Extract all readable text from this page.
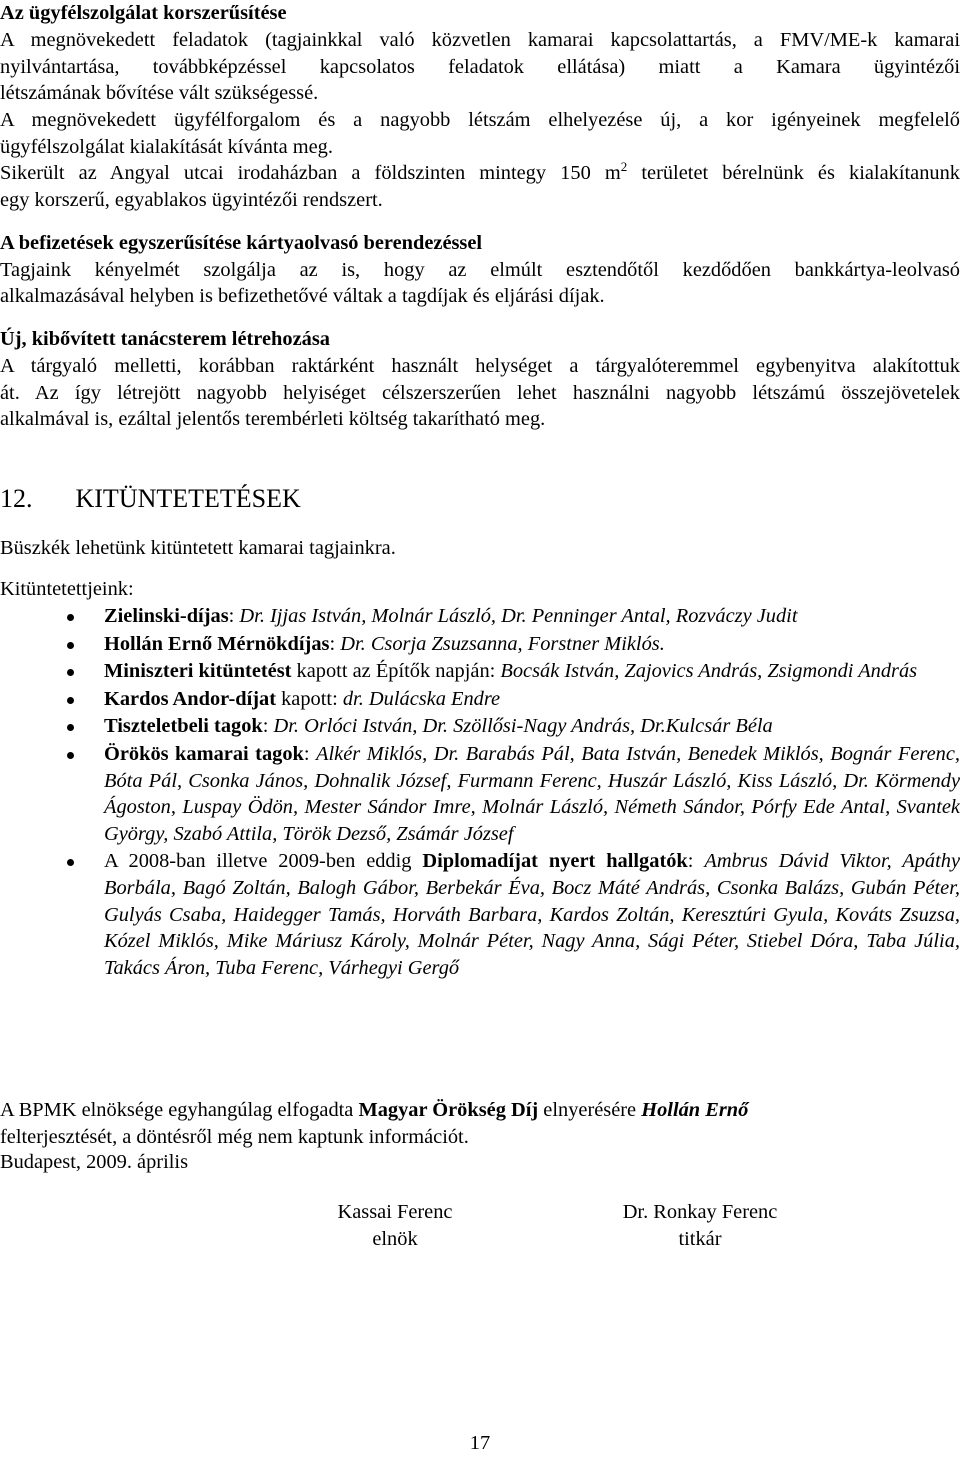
Az ügyfélszolgálat korszerűsítése
A megnövekedett feladatok (tagjainkkal való közvetlen kamarai kapcsolattartás, a FMV/ME-k kamarai
nyilvántartása, továbbképzéssel kapcsolatos feladatok ellátása) miatt a Kamara ügyintézői
létszámának bővítése vált szükségessé.
A megnövekedett ügyfélforgalom és a nagyobb létszám elhelyezése új, a kor igényeinek megfelelő
ügyfélszolgálat kialakítását kívánta meg.
Sikerült az Angyal utcai irodaházban a földszinten mintegy 150 $m^2$ területet bérelnünk és kialakítanunk
egy korszerű, egyablakos ügyintézői rendszert.
A befizetések egyszerűsítése kártyaolvasó berendezéssel
Tagjaink kényelmét szolgálja az is, hogy az elmúlt esztendőtől kezdődően bankkártya-leolvasó
alkalmazásával helyben is befizethetővé váltak a tagdíjak és eljárási díjak.
Új, kibővített tanácsterem létrehozása
A tárgyaló melletti, korábban raktárként használt helységet a tárgyalóteremmel egybenyitva alakítottuk
át. Az így létrejött nagyobb helyiséget célszerszerűen lehet használni nagyobb létszámú összejövetelek
alkalmával is, ezáltal jelentős terembérleti költség takarítható meg.
12. KITÜNTETETÉSEK
Büszkék lehetünk kitüntetett kamarai tagjainkra.
Kitüntetettjeink:
Zielinski-díjas: Dr. Ijjas István, Molnár László, Dr. Penninger Antal, Rozváczy Judit
Hollán Ernő Mérnökdíjas: Dr. Csorja Zsuzsanna, Forstner Miklós.
Miniszteri kitüntetést kapott az Építők napján: Bocsák István, Zajovics András, Zsigmondi András
Kardos Andor-díjat kapott: dr. Dulácska Endre
Tiszteletbeli tagok: Dr. Orlóci István, Dr. Szöllősi-Nagy András, Dr.Kulcsár Béla
Örökös kamarai tagok: Alkér Miklós, Dr. Barabás Pál, Bata István, Benedek Miklós, Bognár Ferenc, Bóta Pál, Csonka János, Dohnalik József, Furmann Ferenc, Huszár László, Kiss László, Dr. Körmendy Ágoston, Luspay Ödön, Mester Sándor Imre, Molnár László, Németh Sándor, Pórfy Ede Antal, Svantek György, Szabó Attila, Török Dezső, Zsámár József
A 2008-ban illetve 2009-ben eddig Diplomadíjat nyert hallgatók: Ambrus Dávid Viktor, Apáthy Borbála, Bagó Zoltán, Balogh Gábor, Berbekár Éva, Bocz Máté András, Csonka Balázs, Gubán Péter, Gulyás Csaba, Haidegger Tamás, Horváth Barbara, Kardos Zoltán, Keresztúri Gyula, Kováts Zsuzsa, Kózel Miklós, Mike Máriusz Károly, Molnár Péter, Nagy Anna, Sági Péter, Stiebel Dóra, Taba Júlia, Takács Áron, Tuba Ferenc, Várhegyi Gergő
A BPMK elnöksége egyhangúlag elfogadta Magyar Örökség Díj elnyerésére Hollán Ernő
felterjesztését, a döntésről még nem kaptunk információt.
Budapest, 2009. április
Kassai Ferenc
elnök
Dr. Ronkay Ferenc
titkár
17
